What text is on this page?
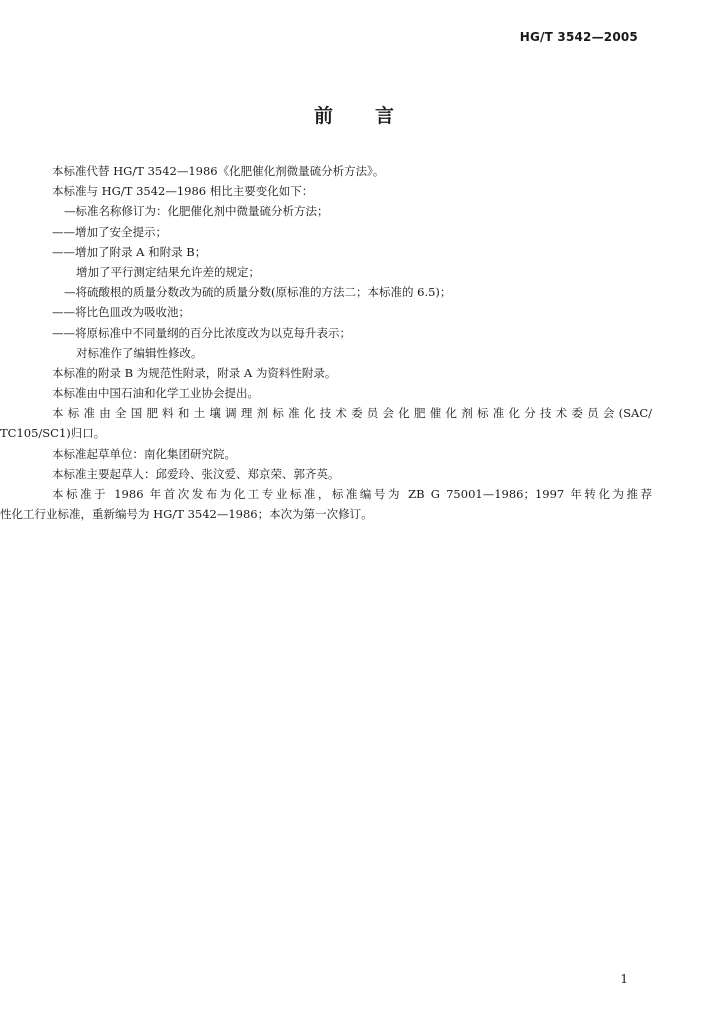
HG/T 3542—2005
前言
本标准代替 HG/T 3542—1986《化肥催化剂微量硫分析方法》。
本标准与 HG/T 3542—1986 相比主要变化如下：
—标准名称修订为：化肥催化剂中微量硫分析方法；
——增加了安全提示；
——增加了附录 A 和附录 B；
增加了平行测定结果允许差的规定；
—将硫酸根的质量分数改为硫的质量分数(原标准的方法二；本标准的 6.5)；
——将比色皿改为吸收池；
——将原标准中不同量纲的百分比浓度改为以克每升表示；
对标准作了编辑性修改。
本标准的附录 B 为规范性附录，附录 A 为资料性附录。
本标准由中国石油和化学工业协会提出。
本标准由全国肥料和土壤调理剂标准化技术委员会化肥催化剂标准化分技术委员会(SAC/
TC105/SC1)归口。
本标准起草单位：南化集团研究院。
本标准主要起草人：邱爱玲、张汶爱、郑京荣、郭齐英。
本标准于 1986 年首次发布为化工专业标准，标准编号为 ZB G 75001—1986；1997 年转化为推荐
性化工行业标准，重新编号为 HG/T 3542—1986；本次为第一次修订。
1
